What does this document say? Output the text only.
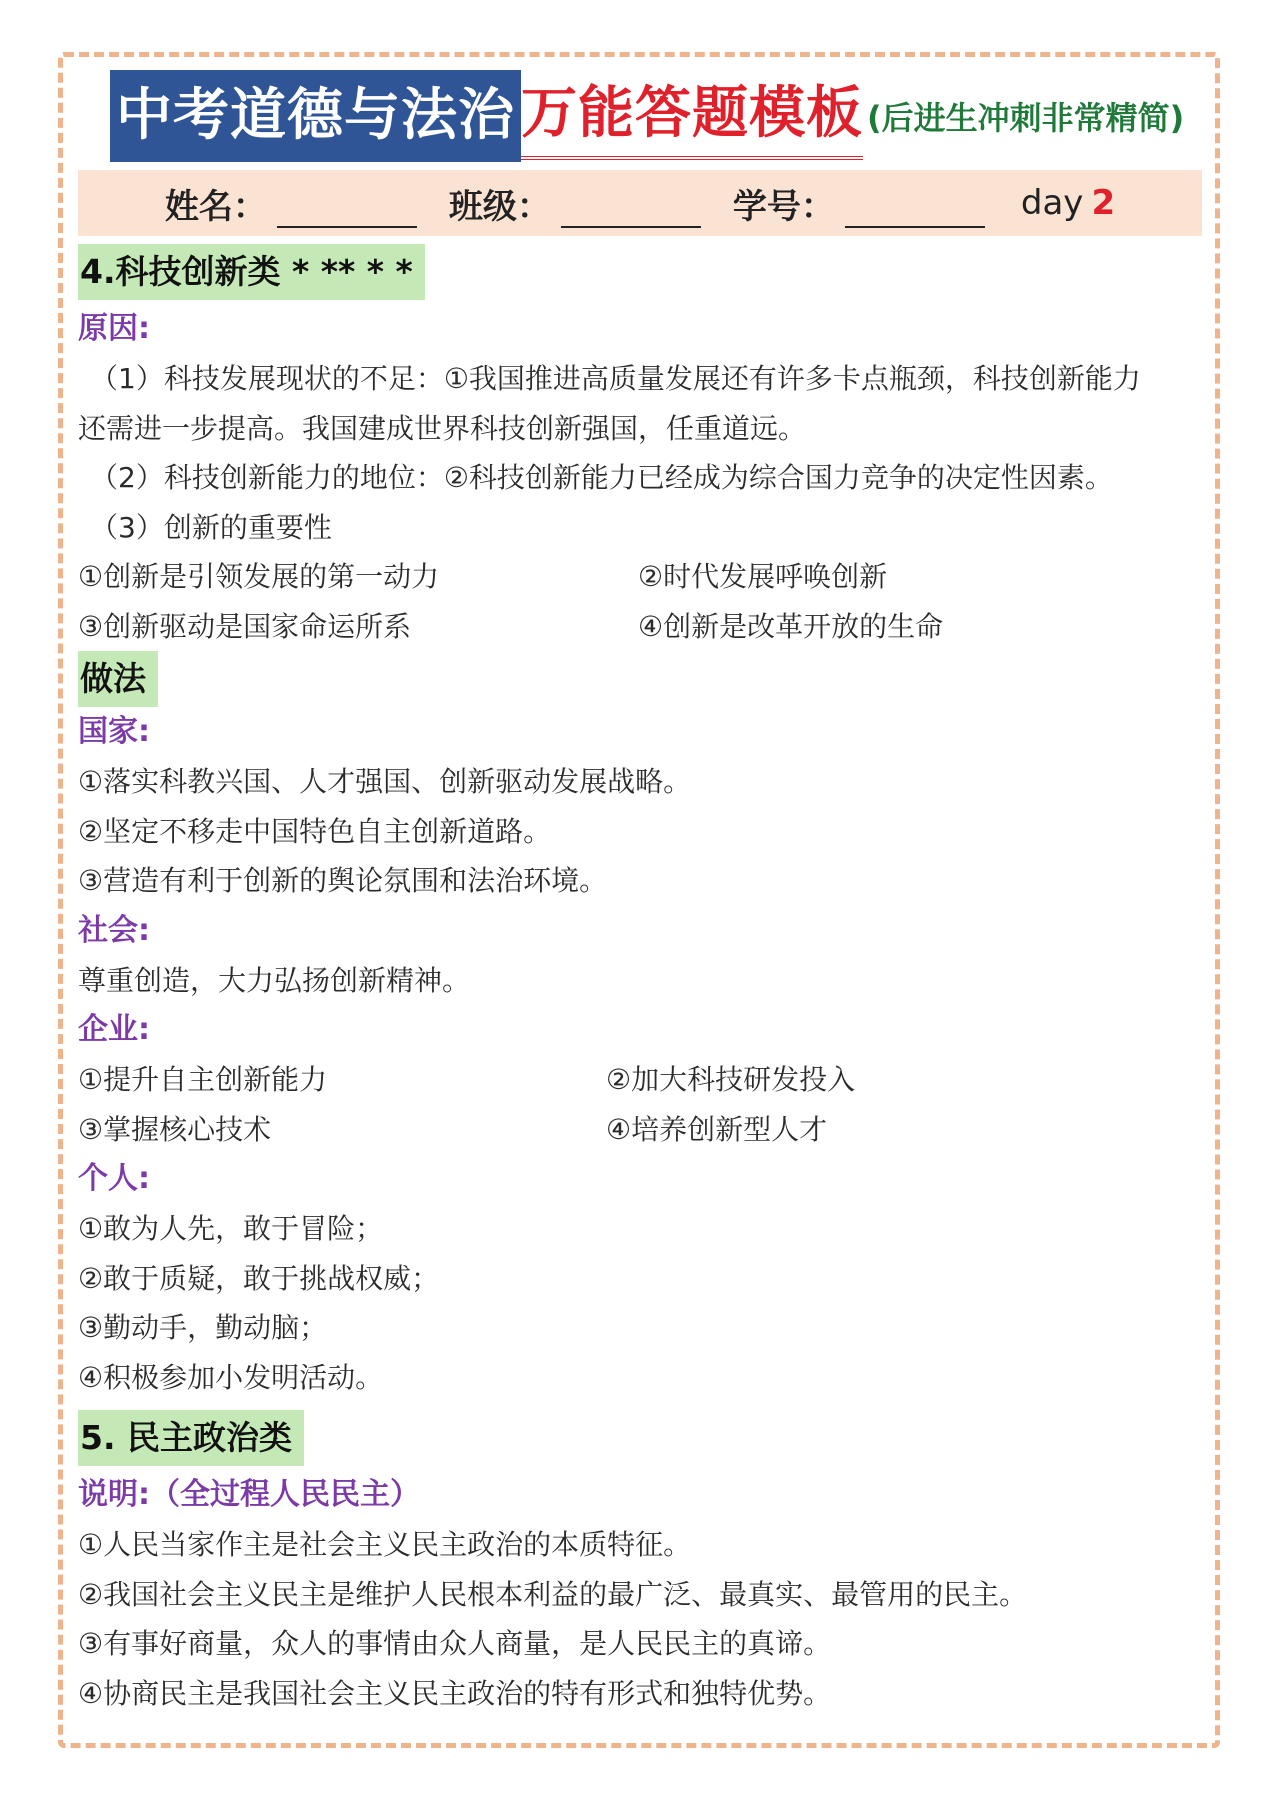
中考道德与法治 万能答题模板 (后进生冲刺非常精简)
姓名：	班级：	学号：	day 2
4.科技创新类 * ** * *
原因:
（1）科技发展现状的不足：①我国推进高质量发展还有许多卡点瓶颈，科技创新能力
还需进一步提高。我国建成世界科技创新强国，任重道远。
（2）科技创新能力的地位：②科技创新能力已经成为综合国力竞争的决定性因素。
（3）创新的重要性
①创新是引领发展的第一动力	②时代发展呼唤创新
③创新驱动是国家命运所系	④创新是改革开放的生命
做法
国家:
①落实科教兴国、人才强国、创新驱动发展战略。
②坚定不移走中国特色自主创新道路。
③营造有利于创新的舆论氛围和法治环境。
社会:
尊重创造，大力弘扬创新精神。
企业:
①提升自主创新能力	②加大科技研发投入
③掌握核心技术	④培养创新型人才
个人:
①敢为人先，敢于冒险；
②敢于质疑，敢于挑战权威；
③勤动手，勤动脑；
④积极参加小发明活动。
5. 民主政治类
说明:（全过程人民民主）
①人民当家作主是社会主义民主政治的本质特征。
②我国社会主义民主是维护人民根本利益的最广泛、最真实、最管用的民主。
③有事好商量，众人的事情由众人商量，是人民民主的真谛。
④协商民主是我国社会主义民主政治的特有形式和独特优势。
